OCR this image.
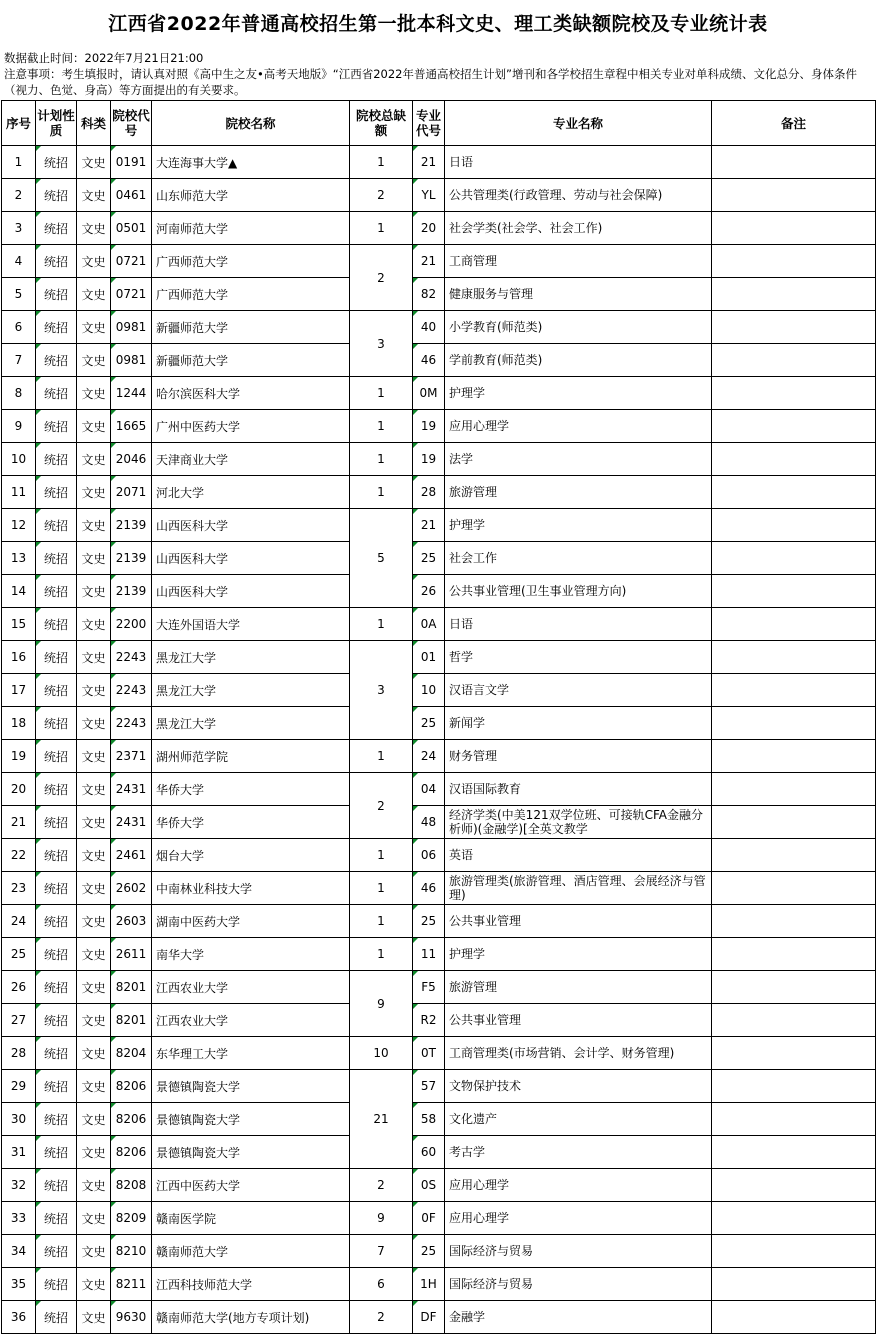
江西省2022年普通高校招生第一批本科文史、理工类缺额院校及专业统计表
数据截止时间：2022年7月21日21:00
注意事项：考生填报时，请认真对照《高中生之友•高考天地版》“江西省2022年普通高校招生计划”增刊和各学校招生章程中相关专业对单科成绩、文化总分、身体条件（视力、色觉、身高）等方面提出的有关要求。
序号	计划性质	科类	院校代号	院校名称	院校总缺额	专业代号	专业名称	备注
1	统招	文史	0191	大连海事大学▲	1	21	日语	
2	统招	文史	0461	山东师范大学	2	YL	公共管理类(行政管理、劳动与社会保障)	
3	统招	文史	0501	河南师范大学	1	20	社会学类(社会学、社会工作)	
4	统招	文史	0721	广西师范大学	2	21	工商管理	
5	统招	文史	0721	广西师范大学		82	健康服务与管理	
6	统招	文史	0981	新疆师范大学	3	40	小学教育(师范类)	
7	统招	文史	0981	新疆师范大学		46	学前教育(师范类)	
8	统招	文史	1244	哈尔滨医科大学	1	0M	护理学	
9	统招	文史	1665	广州中医药大学	1	19	应用心理学	
10	统招	文史	2046	天津商业大学	1	19	法学	
11	统招	文史	2071	河北大学	1	28	旅游管理	
12	统招	文史	2139	山西医科大学	5	21	护理学	
13	统招	文史	2139	山西医科大学		25	社会工作	
14	统招	文史	2139	山西医科大学		26	公共事业管理(卫生事业管理方向)	
15	统招	文史	2200	大连外国语大学	1	0A	日语	
16	统招	文史	2243	黑龙江大学	3	01	哲学	
17	统招	文史	2243	黑龙江大学		10	汉语言文学	
18	统招	文史	2243	黑龙江大学		25	新闻学	
19	统招	文史	2371	湖州师范学院	1	24	财务管理	
20	统招	文史	2431	华侨大学	2	04	汉语国际教育	
21	统招	文史	2431	华侨大学		48	经济学类(中美121双学位班、可接轨CFA金融分析师)(金融学)[全英文教学	
22	统招	文史	2461	烟台大学	1	06	英语	
23	统招	文史	2602	中南林业科技大学	1	46	旅游管理类(旅游管理、酒店管理、会展经济与管理)	
24	统招	文史	2603	湖南中医药大学	1	25	公共事业管理	
25	统招	文史	2611	南华大学	1	11	护理学	
26	统招	文史	8201	江西农业大学	9	F5	旅游管理	
27	统招	文史	8201	江西农业大学		R2	公共事业管理	
28	统招	文史	8204	东华理工大学	10	0T	工商管理类(市场营销、会计学、财务管理)	
29	统招	文史	8206	景德镇陶瓷大学	21	57	文物保护技术	
30	统招	文史	8206	景德镇陶瓷大学		58	文化遗产	
31	统招	文史	8206	景德镇陶瓷大学		60	考古学	
32	统招	文史	8208	江西中医药大学	2	0S	应用心理学	
33	统招	文史	8209	赣南医学院	9	0F	应用心理学	
34	统招	文史	8210	赣南师范大学	7	25	国际经济与贸易	
35	统招	文史	8211	江西科技师范大学	6	1H	国际经济与贸易	
36	统招	文史	9630	赣南师范大学(地方专项计划)	2	DF	金融学	
